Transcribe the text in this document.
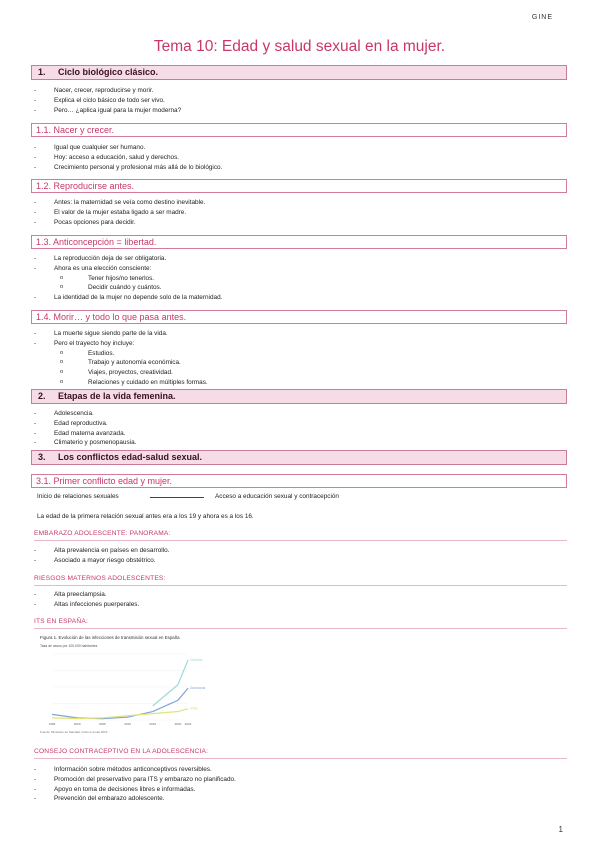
GINE
Tema 10: Edad y salud sexual en la mujer.
1. Ciclo biológico clásico.
- Nacer, crecer, reproducirse y morir.
- Explica el ciclo básico de todo ser vivo.
- Pero… ¿aplica igual para la mujer moderna?
1.1. Nacer y crecer.
- Igual que cualquier ser humano.
- Hoy: acceso a educación, salud y derechos.
- Crecimiento personal y profesional más allá de lo biológico.
1.2. Reproducirse antes.
- Antes: la maternidad se veía como destino inevitable.
- El valor de la mujer estaba ligado a ser madre.
- Pocas opciones para decidir.
1.3. Anticoncepción = libertad.
- La reproducción deja de ser obligatoria.
- Ahora es una elección consciente:
o Tener hijos/no tenerlos.
o Decidir cuándo y cuántos.
- La identidad de la mujer no depende solo de la maternidad.
1.4. Morir… y todo lo que pasa antes.
- La muerte sigue siendo parte de la vida.
- Pero el trayecto hoy incluye:
o Estudios.
o Trabajo y autonomía económica.
o Viajes, proyectos, creatividad.
o Relaciones y cuidado en múltiples formas.
2. Etapas de la vida femenina.
- Adolescencia.
- Edad reproductiva.
- Edad materna avanzada.
- Climaterio y posmenopausia.
3. Los conflictos edad-salud sexual.
3.1. Primer conflicto edad y mujer.
Inicio de relaciones sexuales	Acceso a educación sexual y contracepción
La edad de la primera relación sexual antes era a los 19 y ahora es a los 16.
EMBARAZO ADOLESCENTE: PANORAMA:
- Alta prevalencia en países en desarrollo.
- Asociado a mayor riesgo obstétrico.
RIESGOS MATERNOS ADOLESCENTES:
- Alta preeclampsia.
- Altas infecciones puerperales.
ITS EN ESPAÑA:
Figura 1. Evolución de las infecciones de transmisión sexual en España
Tasa de casos por 100.000 habitantes
1995	2000	2005	2010	2015	2020 2022
Clamidia
Gonococia
Sífilis
Fuente: Ministerio de Sanidad. Informe anual 2023
CONSEJO CONTRACEPTIVO EN LA ADOLESCENCIA:
- Información sobre métodos anticonceptivos reversibles.
- Promoción del preservativo para ITS y embarazo no planificado.
- Apoyo en toma de decisiones libres e informadas.
- Prevención del embarazo adolescente.
1
